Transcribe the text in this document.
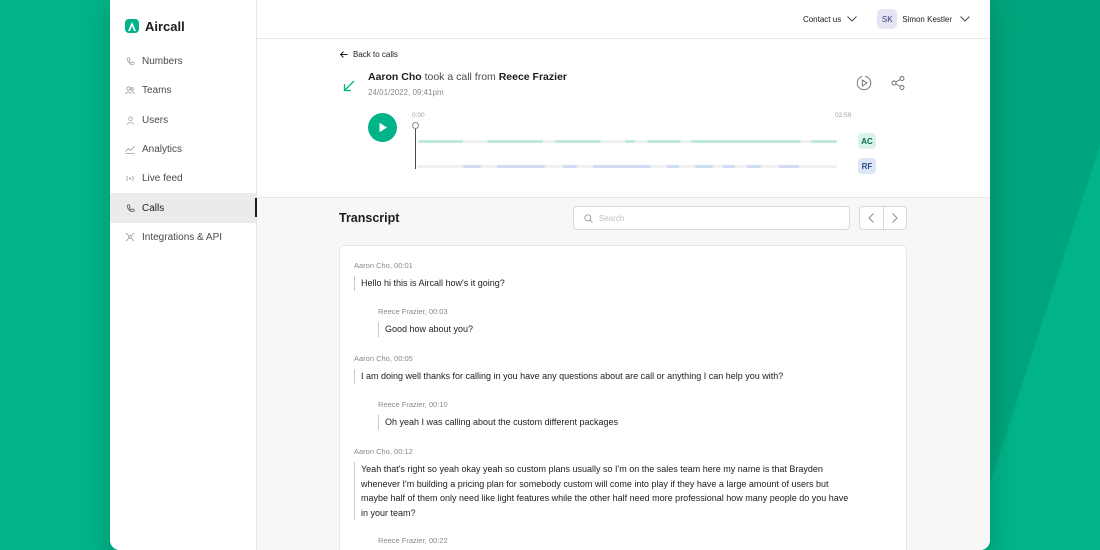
Aircall
Numbers
Teams
Users
Analytics
Live feed
Calls
Integrations & API
Contact us	SK	Simon Kestler
Back to calls
Aaron Cho took a call from Reece Frazier
24/01/2022, 09:41pm
0:00	02:59
AC
RF
Transcript
Search
Aaron Cho, 00:01
Hello hi this is Aircall how's it going?
Reece Frazier, 00:03
Good how about you?
Aaron Cho, 00:05
I am doing well thanks for calling in you have any questions about are call or anything I can help you with?
Reece Frazier, 00:10
Oh yeah I was calling about the custom different packages
Aaron Cho, 00:12
Yeah that's right so yeah okay yeah so custom plans usually so I'm on the sales team here my name is that Brayden whenever I'm building a pricing plan for somebody custom will come into play if they have a large amount of users but maybe half of them only need like light features while the other half need more professional how many people do you have in your team?
Reece Frazier, 00:22
